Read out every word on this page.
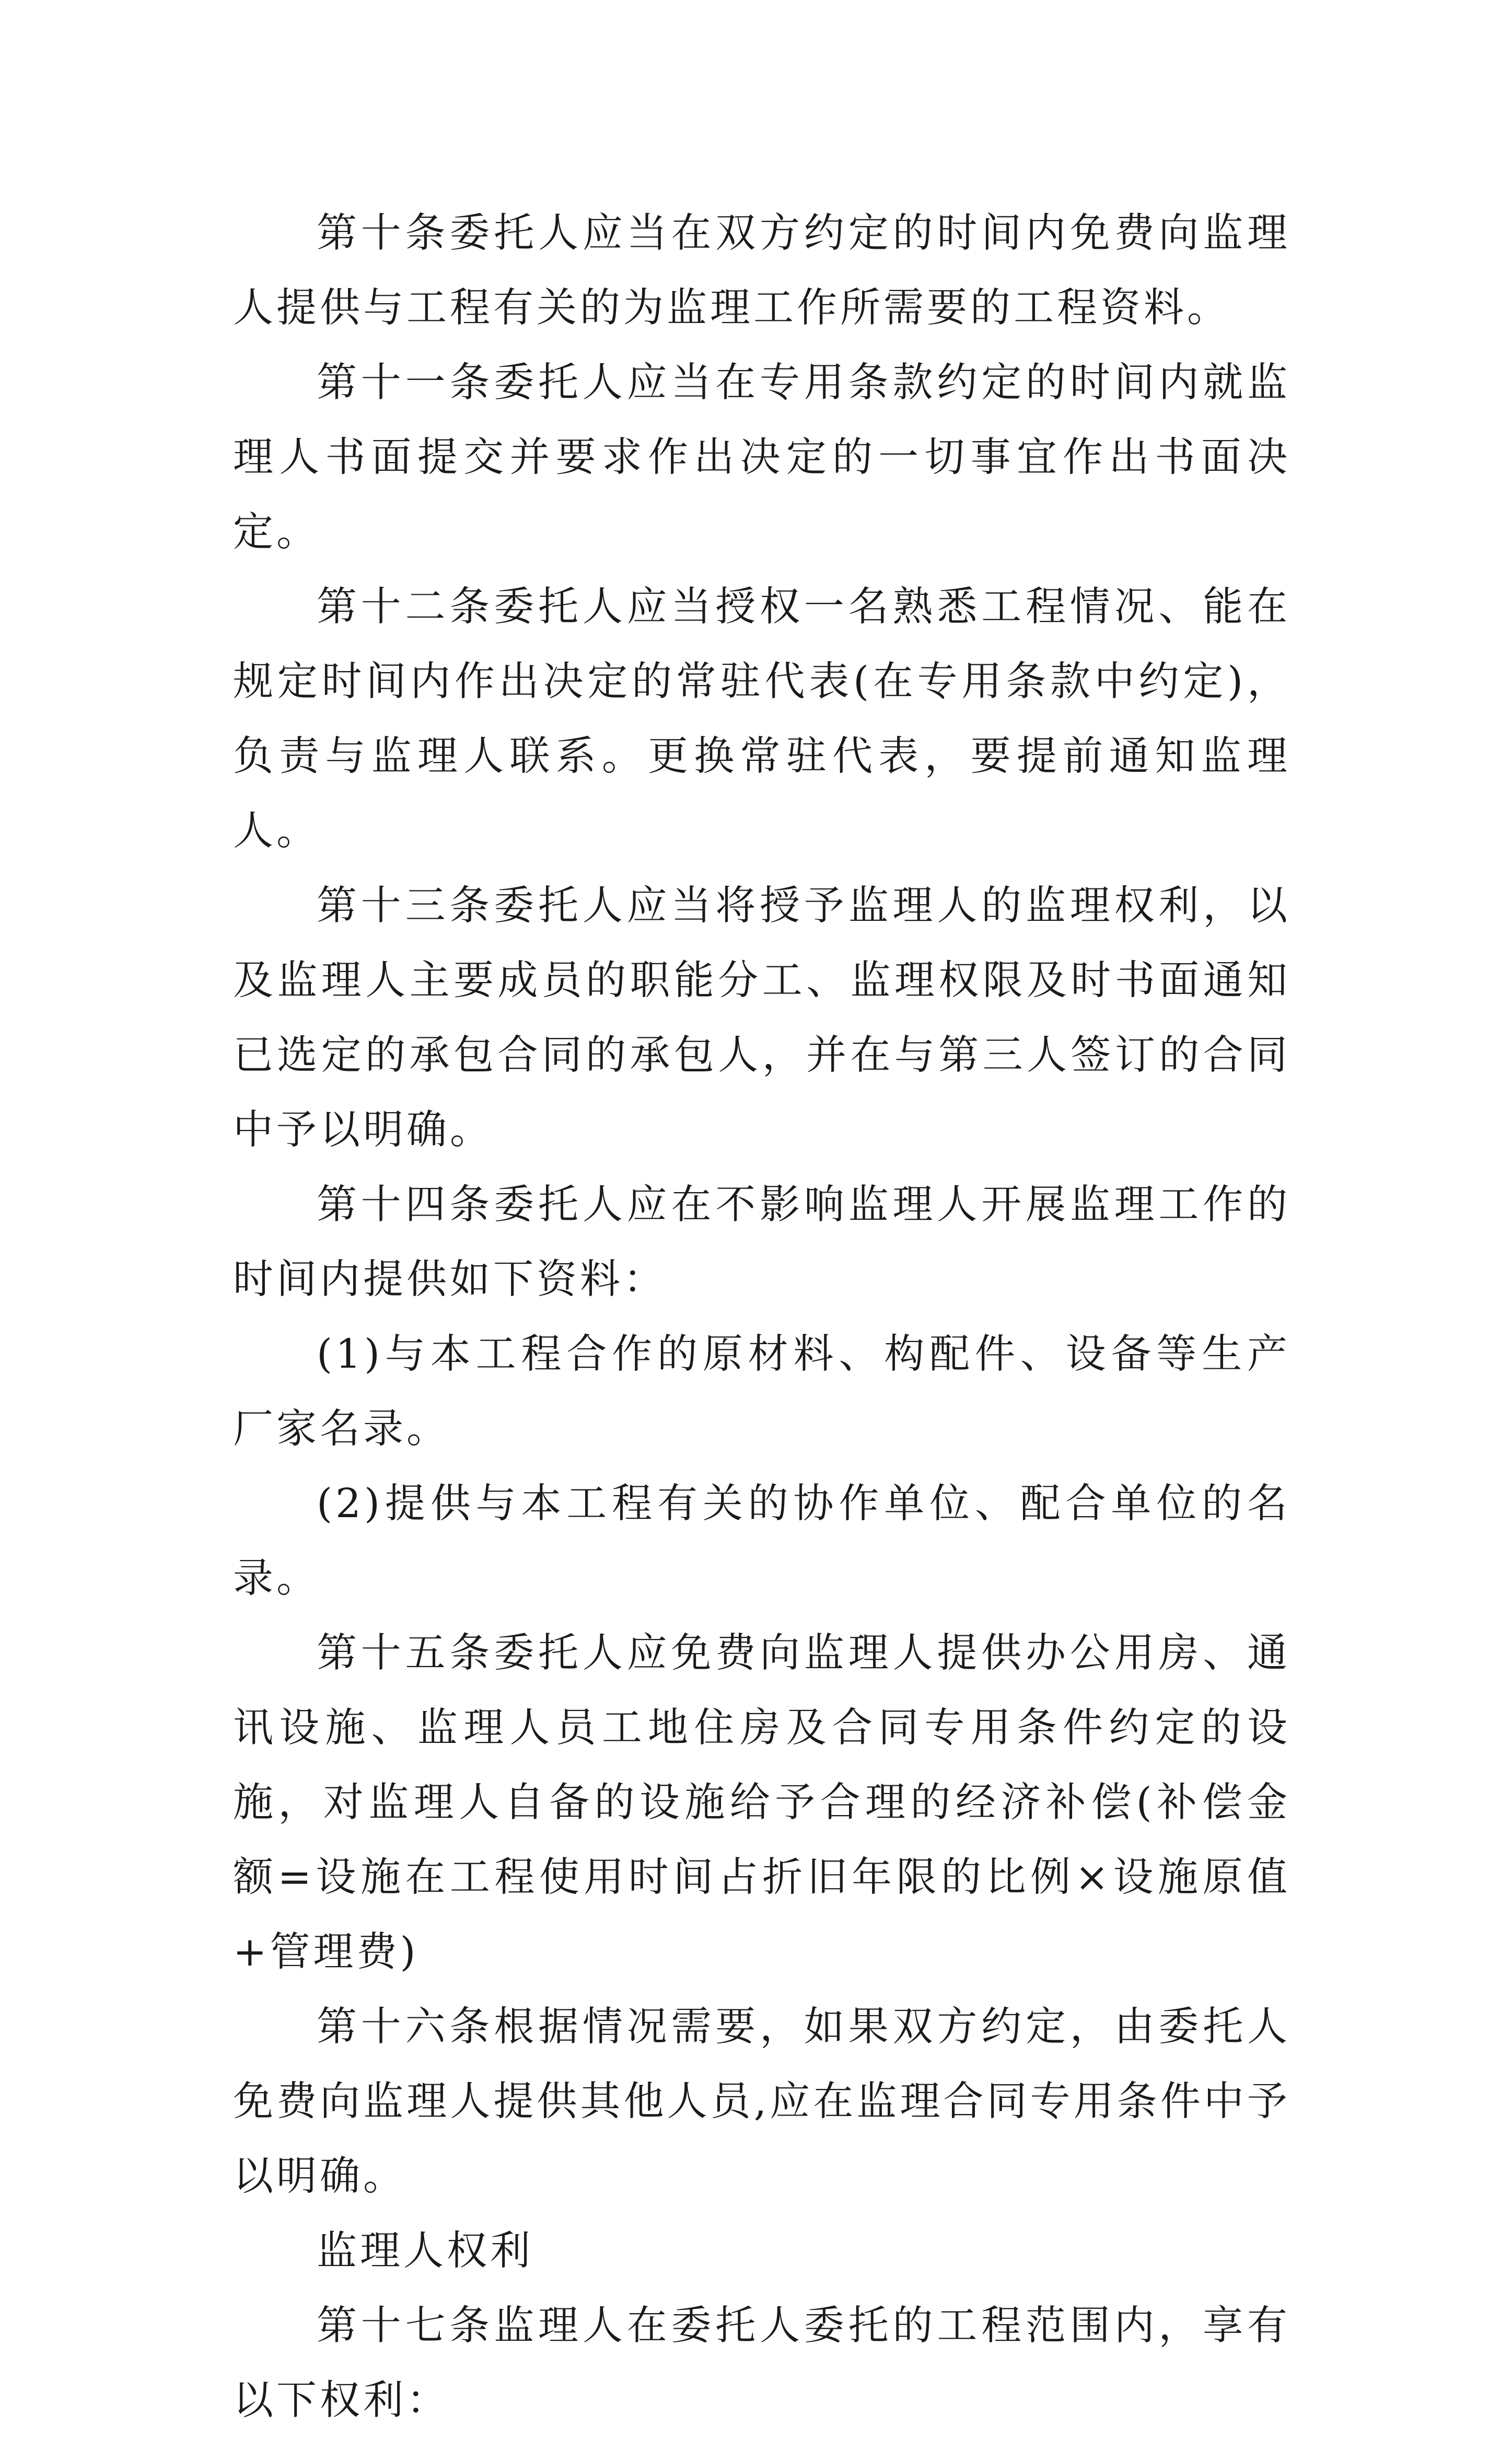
第十条委托人应当在双方约定的时间内免费向监理人提供与工程有关的为监理工作所需要的工程资料。

第十一条委托人应当在专用条款约定的时间内就监理人书面提交并要求作出决定的一切事宜作出书面决定。

第十二条委托人应当授权一名熟悉工程情况、能在规定时间内作出决定的常驻代表(在专用条款中约定)，负责与监理人联系。更换常驻代表，要提前通知监理人。

第十三条委托人应当将授予监理人的监理权利，以及监理人主要成员的职能分工、监理权限及时书面通知已选定的承包合同的承包人，并在与第三人签订的合同中予以明确。

第十四条委托人应在不影响监理人开展监理工作的时间内提供如下资料：

(1)与本工程合作的原材料、构配件、设备等生产厂家名录。

(2)提供与本工程有关的协作单位、配合单位的名录。

第十五条委托人应免费向监理人提供办公用房、通讯设施、监理人员工地住房及合同专用条件约定的设施，对监理人自备的设施给予合理的经济补偿(补偿金额=设施在工程使用时间占折旧年限的比例×设施原值+管理费)

第十六条根据情况需要，如果双方约定，由委托人免费向监理人提供其他人员,应在监理合同专用条件中予以明确。

监理人权利

第十七条监理人在委托人委托的工程范围内，享有以下权利：
